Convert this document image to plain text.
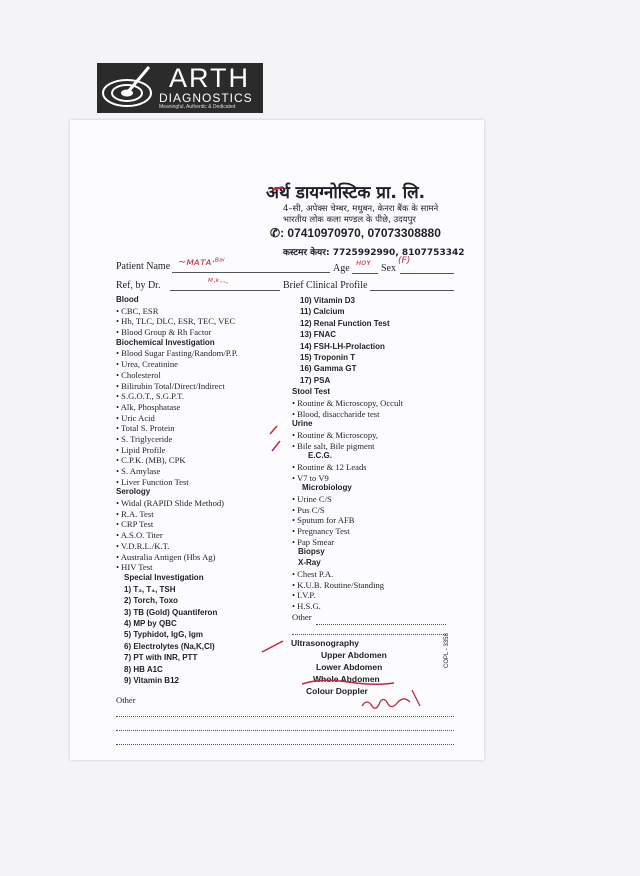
ARTH
DIAGNOSTICS
Meaningful, Authentic & Dedicated
अर्थ डायग्नोस्टिक प्रा. लि.
4–सी, अपेक्स चेम्बर, मधुबन, केनरा बैंक के सामने
भारतीय लोक कला मण्डल के पीछे, उदयपुर
✆: 07410970970, 07073308880
कस्टमर केयर: 7725992990, 8107753342
Patient Name ~ᴍᴀᴛᴀ·ᴮᵃⁱ
Age
ʜᴏʏ
Sex
(F)
Ref, by Dr.	ᴹ·ᵏ··˗	Brief Clinical Profile
Blood
• CBC, ESR
• Hb, TLC, DLC, ESR, TEC, VEC
• Blood Group & Rh Factor
Biochemical Investigation
• Blood Sugar Fasting/Random/P.P.
• Urea, Creatinine
• Cholesterol
• Bilirubin Total/Direct/Indirect
• S.G.O.T., S.G.P.T.
• Alk, Phosphatase
• Uric Acid
• Total S. Protein
• S. Triglyceride
• Lipid Profile
• C.P.K. (MB), CPK
• S. Amylase
• Liver Function Test
Serology
• Widal (RAPID Slide Method)
• R.A. Test
• CRP Test
• A.S.O. Titer
• V.D.R.L./K.T.
• Australia Antigen (Hbs Ag)
• HIV Test
Special Investigation
1) T₃, T₄, TSH
2) Torch, Toxo
3) TB (Gold) Quantiferon
4) MP by QBC
5) Typhidot, IgG, Igm
6) Electrolytes (Na,K,Cl)
7) PT with INR, PTT
8) HB A1C
9) Vitamin B12
Other
10) Vitamin D3
11) Calcium
12) Renal Function Test
13) FNAC
14) FSH-LH-Prolaction
15) Troponin T
16) Gamma GT
17) PSA
Stool Test
• Routine & Microscopy, Occult
• Blood, disaccharide test
Urine
• Routine & Microscopy,
• Bile salt, Bile pigment
E.C.G.
• Routine & 12 Leads
• V7 to V9
Microbiology
• Urine C/S
• Pus C/S
• Sputum for AFB
• Pregnancy Test
• Pap Smear
Biopsy
X-Ray
• Chest P.A.
• K.U.B. Routine/Standing
• I.V.P.
• H.S.G.
Other
Ultrasonography
Upper Abdomen
Lower Abdomen
Whole Abdomen
Colour Doppler
COPL - 3358
